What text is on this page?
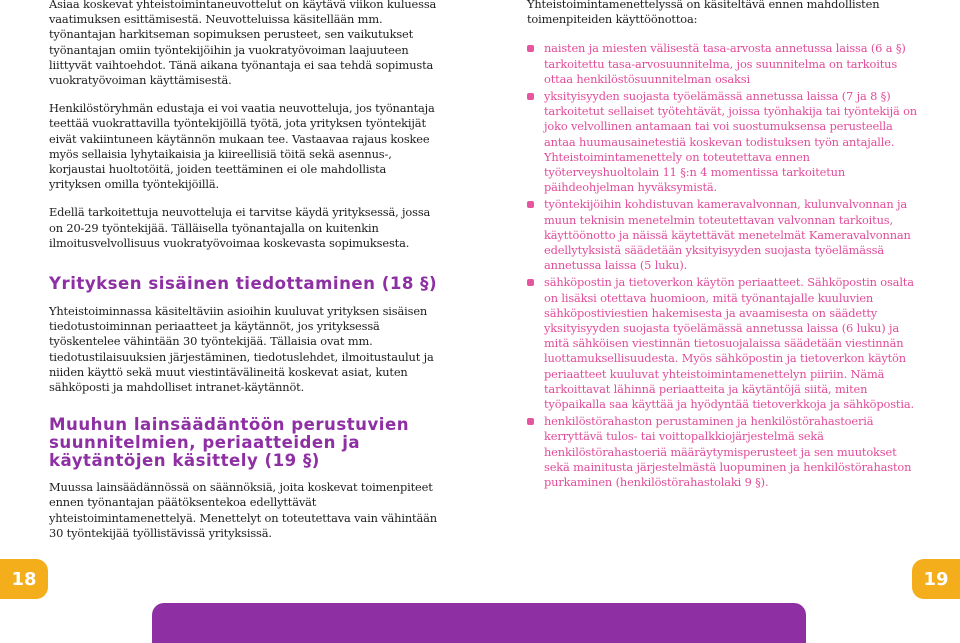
Asiaa koskevat yhteistoimintaneuvottelut on käytävä viikon kuluessa vaatimuksen esittämisestä. Neuvotteluissa käsitellään mm. työnantajan harkitseman sopimuksen perusteet, sen vaikutukset työnantajan omiin työntekijöihin ja vuokratyövoiman laajuuteen liittyvät vaihtoehdot. Tänä aikana työnantaja ei saa tehdä sopimusta vuokratyövoiman käyttämisestä.

Henkilöstöryhmän edustaja ei voi vaatia neuvotteluja, jos työnantaja teettää vuokrattavilla työntekijöillä työtä, jota yrityksen työntekijät eivät vakiintuneen käytännön mukaan tee. Vastaavaa rajaus koskee myös sellaisia lyhytaikaisia ja kiireellisiä töitä sekä asennus-, korjaustai huoltotöitä, joiden teettäminen ei ole mahdollista yrityksen omilla työntekijöillä.

Edellä tarkoitettuja neuvotteluja ei tarvitse käydä yrityksessä, jossa on 20-29 työntekijää. Tälläisella työnantajalla on kuitenkin ilmoitusvelvollisuus vuokratyövoimaa koskevasta sopimuksesta.

Yrityksen sisäinen tiedottaminen (18 §)

Yhteistoiminnassa käsiteltäviin asioihin kuuluvat yrityksen sisäisen tiedotustoiminnan periaatteet ja käytännöt, jos yrityksessä työskentelee vähintään 30 työntekijää. Tällaisia ovat mm. tiedotustilaisuuksien järjestäminen, tiedotuslehdet, ilmoitustaulut ja niiden käyttö sekä muut viestintävälineitä koskevat asiat, kuten sähköposti ja mahdolliset intranet-käytännöt.

Muuhun lainsäädäntöön perustuvien suunnitelmien, periaatteiden ja käytäntöjen käsittely (19 §)

Muussa lainsäädännössä on säännöksiä, joita koskevat toimenpiteet ennen työnantajan päätöksentekoa edellyttävät yhteistoimintamenettelyä. Menettelyt on toteutettava vain vähintään 30 työntekijää työllistävissä yrityksissä.

Yhteistoimintamenettelyssä on käsiteltävä ennen mahdollisten toimenpiteiden käyttöönottoa:

naisten ja miesten välisestä tasa-arvosta annetussa laissa (6 a §) tarkoitettu tasa-arvosuunnitelma, jos suunnitelma on tarkoitus ottaa henkilöstösuunnitelman osaksi
yksityisyyden suojasta työelämässä annetussa laissa (7 ja 8 §) tarkoitetut sellaiset työtehtävät, joissa työnhakija tai työntekijä on joko velvollinen antamaan tai voi suostumuksensa perusteella antaa huumausainetestiä koskevan todistuksen työn antajalle. Yhteistoimintamenettely on toteutettava ennen työterveyshuoltolain 11 §:n 4 momentissa tarkoitetun päihdeohjelman hyväksymistä.
työntekijöihin kohdistuvan kameravalvonnan, kulunvalvonnan ja muun teknisin menetelmin toteutettavan valvonnan tarkoitus, käyttöönotto ja näissä käytettävät menetelmät Kameravalvonnan edellytyksistä säädetään yksityisyyden suojasta työelämässä annetussa laissa (5 luku).
sähköpostin ja tietoverkon käytön periaatteet. Sähköpostin osalta on lisäksi otettava huomioon, mitä työnantajalle kuuluvien sähköpostiviestien hakemisesta ja avaamisesta on säädetty yksityisyyden suojasta työelämässä annetussa laissa (6 luku) ja mitä sähköisen viestinnän tietosuojalaissa säädetään viestinnän luottamuksellisuudesta. Myös sähköpostin ja tietoverkon käytön periaatteet kuuluvat yhteistoimintamenettelyn piiriin. Nämä tarkoittavat lähinnä periaatteita ja käytäntöjä siitä, miten työpaikalla saa käyttää ja hyödyntää tietoverkkoja ja sähköpostia.
henkilöstörahaston perustaminen ja henkilöstörahastoeriä kerryttävä tulos- tai voittopalkkiojärjestelmä sekä henkilöstörahastoeriä määräytymisperusteet ja sen muutokset sekä mainitusta järjestelmästä luopuminen ja henkilöstörahaston purkaminen (henkilöstörahastolaki 9 §).
18	19
